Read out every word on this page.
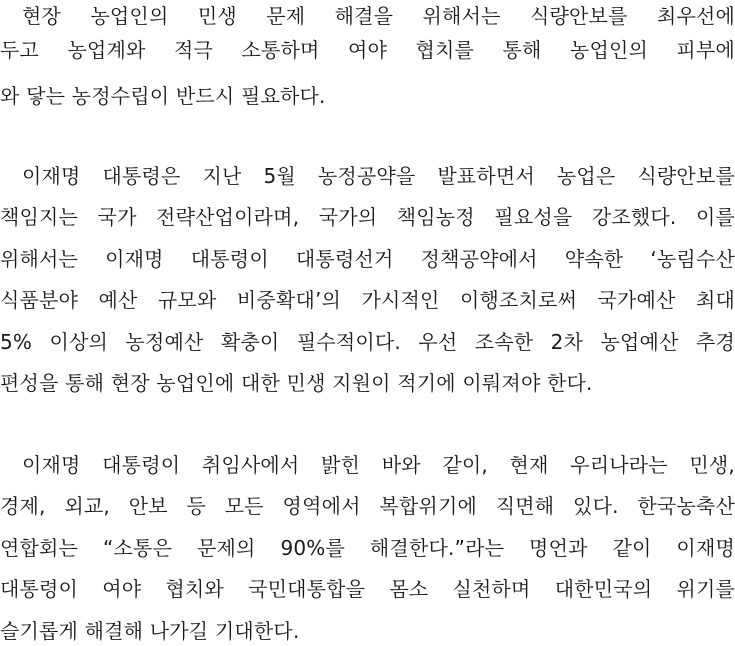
현장 농업인의 민생 문제 해결을 위해서는 식량안보를 최우선에
두고 농업계와 적극 소통하며 여야 협치를 통해 농업인의 피부에
와 닿는 농정수립이 반드시 필요하다.
이재명 대통령은 지난 5월 농정공약을 발표하면서 농업은 식량안보를
책임지는 국가 전략산업이라며, 국가의 책임농정 필요성을 강조했다. 이를
위해서는 이재명 대통령이 대통령선거 정책공약에서 약속한 ‘농림수산
식품분야 예산 규모와 비중확대’의 가시적인 이행조치로써 국가예산 최대
5% 이상의 농정예산 확충이 필수적이다. 우선 조속한 2차 농업예산 추경
편성을 통해 현장 농업인에 대한 민생 지원이 적기에 이뤄져야 한다.
이재명 대통령이 취임사에서 밝힌 바와 같이, 현재 우리나라는 민생,
경제, 외교, 안보 등 모든 영역에서 복합위기에 직면해 있다. 한국농축산
연합회는 “소통은 문제의 90%를 해결한다.”라는 명언과 같이 이재명
대통령이 여야 협치와 국민대통합을 몸소 실천하며 대한민국의 위기를
슬기롭게 해결해 나가길 기대한다.
